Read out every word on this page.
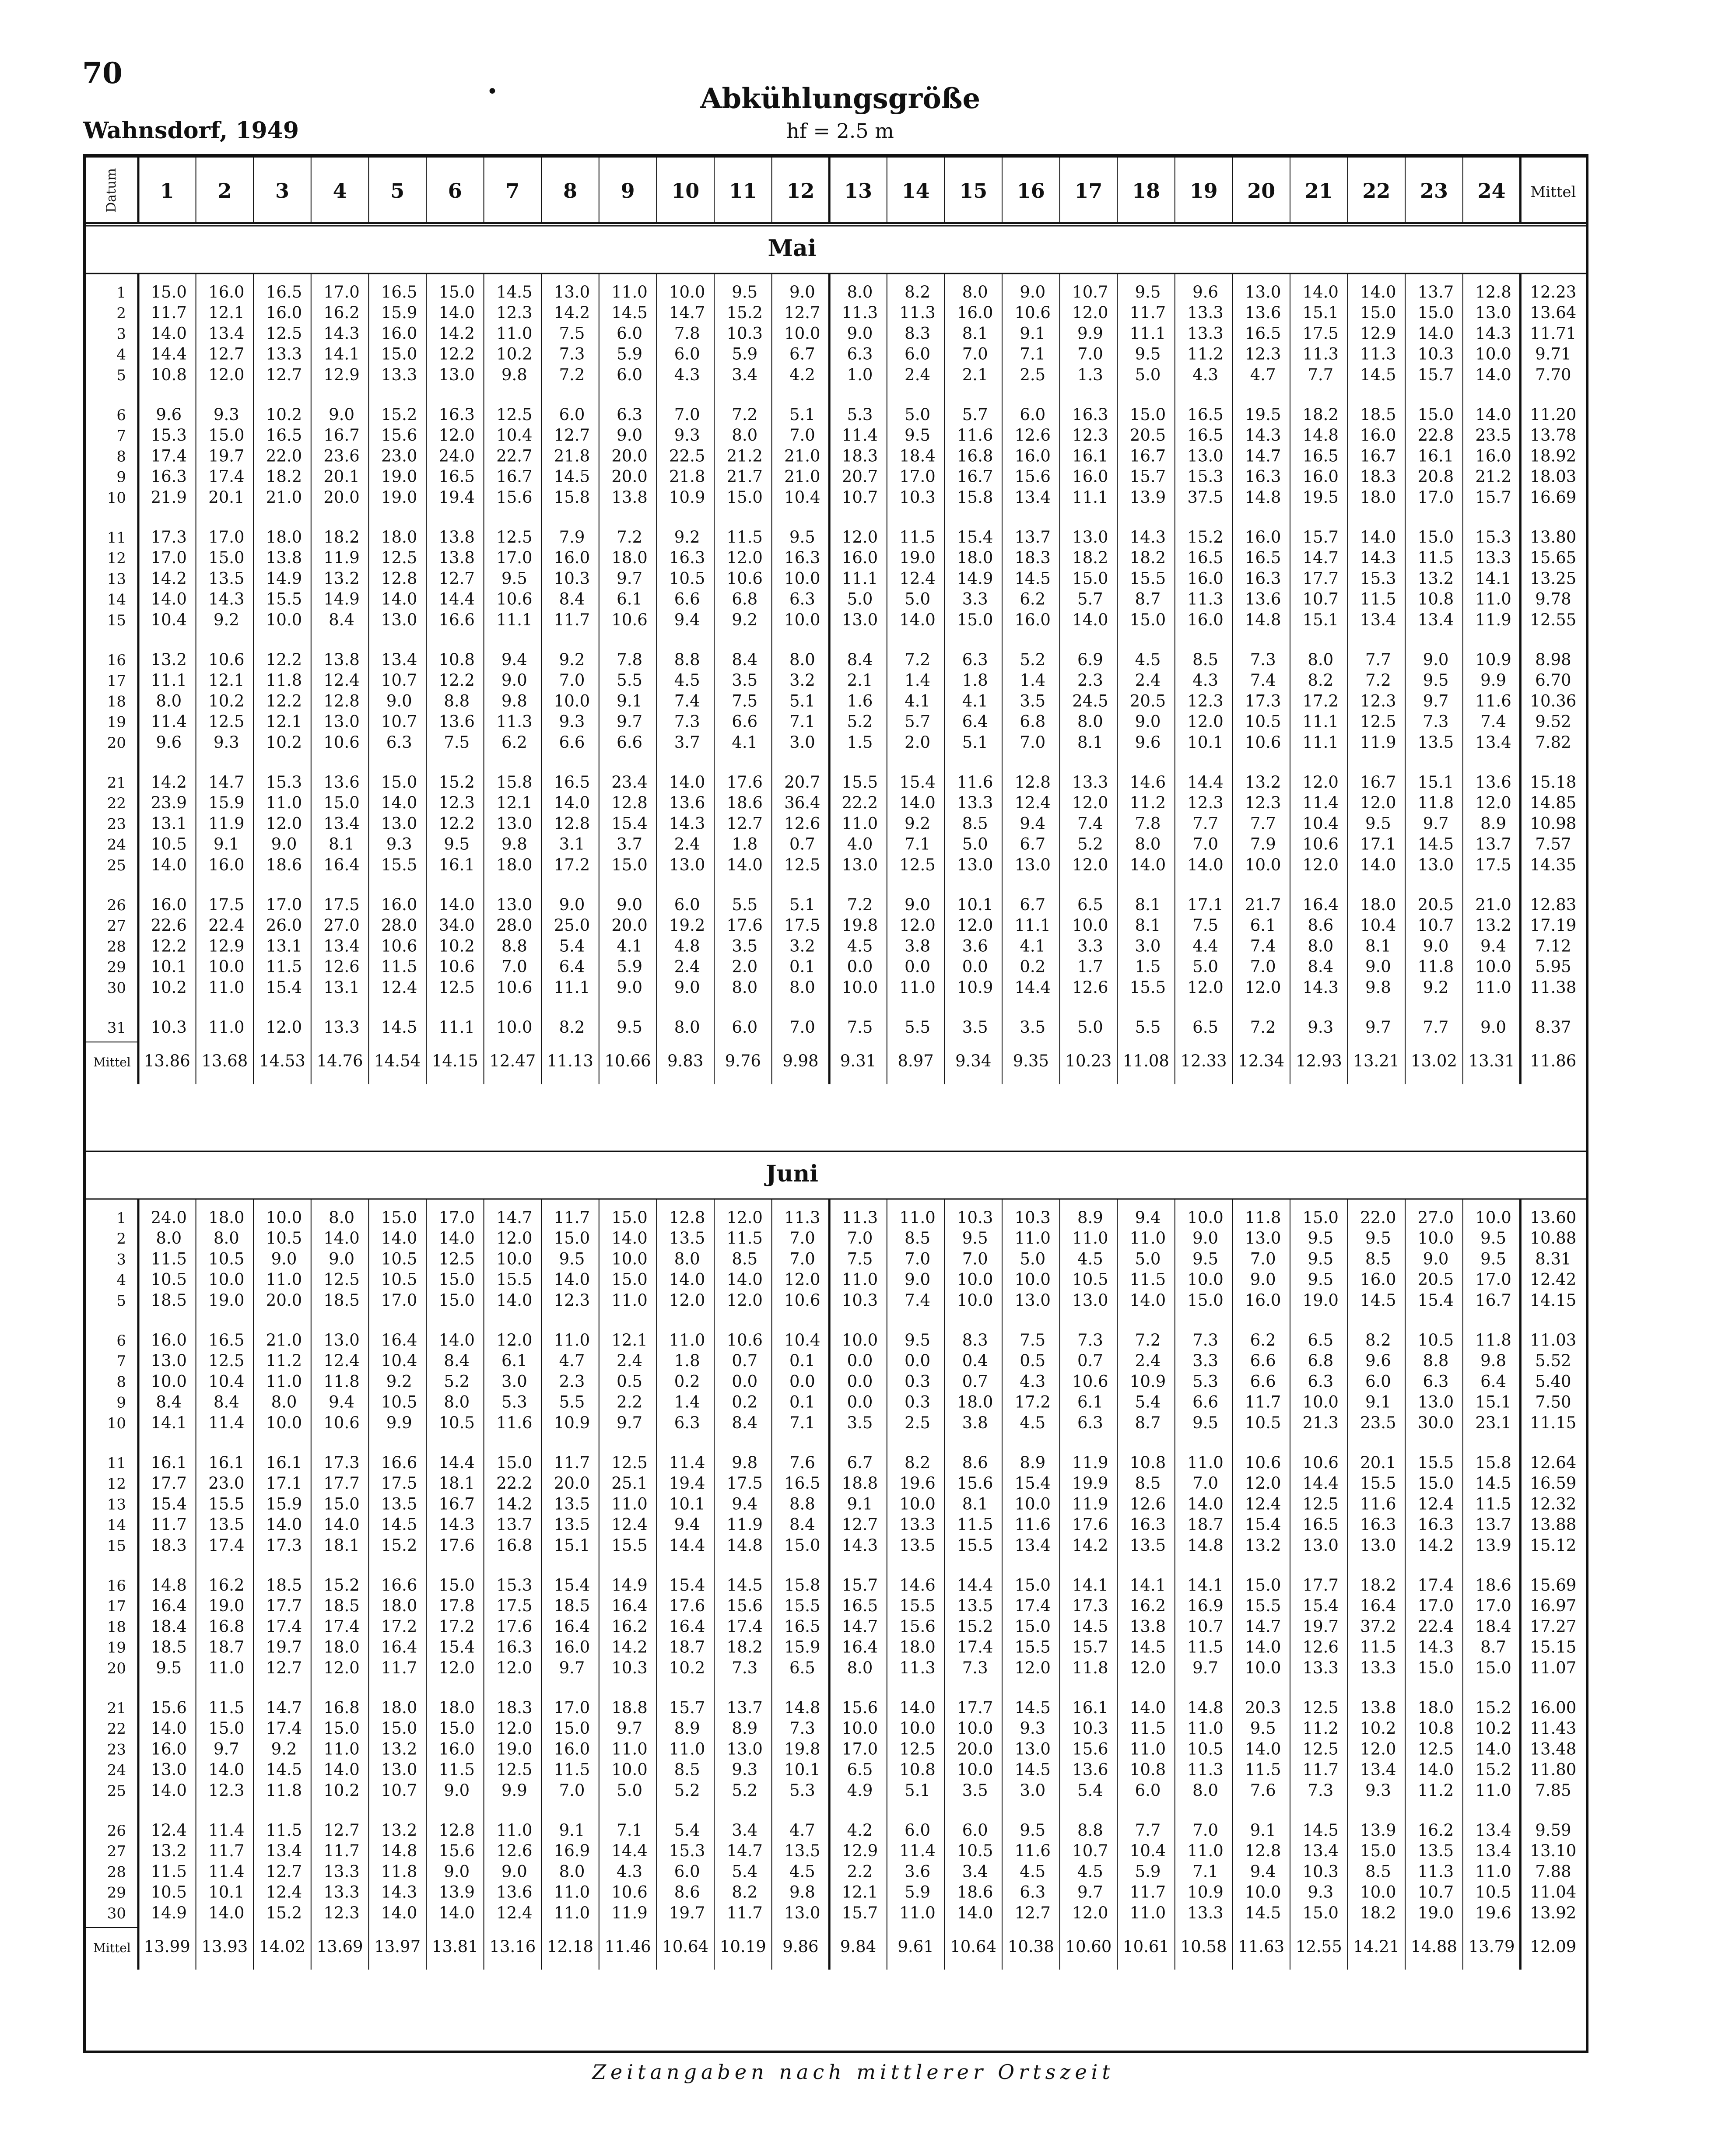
70
Wahnsdorf, 1949
•	Abkühlungsgröße
hf = 2.5 m
Datum 1 2 3 4 5 6 7 8 9 10 11 12 13 14 15 16 17 18 19 20 21 22 23 24 Mittel
Mai
1 15.0 16.0 16.5 17.0 16.5 15.0 14.5 13.0 11.0 10.0 9.5 9.0 8.0 8.2 8.0 9.0 10.7 9.5 9.6 13.0 14.0 14.0 13.7 12.8 12.23
2 11.7 12.1 16.0 16.2 15.9 14.0 12.3 14.2 14.5 14.7 15.2 12.7 11.3 11.3 16.0 10.6 12.0 11.7 13.3 13.6 15.1 15.0 15.0 13.0 13.64
3 14.0 13.4 12.5 14.3 16.0 14.2 11.0 7.5 6.0 7.8 10.3 10.0 9.0 8.3 8.1 9.1 9.9 11.1 13.3 16.5 17.5 12.9 14.0 14.3 11.71
4 14.4 12.7 13.3 14.1 15.0 12.2 10.2 7.3 5.9 6.0 5.9 6.7 6.3 6.0 7.0 7.1 7.0 9.5 11.2 12.3 11.3 11.3 10.3 10.0 9.71
5 10.8 12.0 12.7 12.9 13.3 13.0 9.8 7.2 6.0 4.3 3.4 4.2 1.0 2.4 2.1 2.5 1.3 5.0 4.3 4.7 7.7 14.5 15.7 14.0 7.70
6 9.6 9.3 10.2 9.0 15.2 16.3 12.5 6.0 6.3 7.0 7.2 5.1 5.3 5.0 5.7 6.0 16.3 15.0 16.5 19.5 18.2 18.5 15.0 14.0 11.20
7 15.3 15.0 16.5 16.7 15.6 12.0 10.4 12.7 9.0 9.3 8.0 7.0 11.4 9.5 11.6 12.6 12.3 20.5 16.5 14.3 14.8 16.0 22.8 23.5 13.78
8 17.4 19.7 22.0 23.6 23.0 24.0 22.7 21.8 20.0 22.5 21.2 21.0 18.3 18.4 16.8 16.0 16.1 16.7 13.0 14.7 16.5 16.7 16.1 16.0 18.92
9 16.3 17.4 18.2 20.1 19.0 16.5 16.7 14.5 20.0 21.8 21.7 21.0 20.7 17.0 16.7 15.6 16.0 15.7 15.3 16.3 16.0 18.3 20.8 21.2 18.03
10 21.9 20.1 21.0 20.0 19.0 19.4 15.6 15.8 13.8 10.9 15.0 10.4 10.7 10.3 15.8 13.4 11.1 13.9 37.5 14.8 19.5 18.0 17.0 15.7 16.69
11 17.3 17.0 18.0 18.2 18.0 13.8 12.5 7.9 7.2 9.2 11.5 9.5 12.0 11.5 15.4 13.7 13.0 14.3 15.2 16.0 15.7 14.0 15.0 15.3 13.80
12 17.0 15.0 13.8 11.9 12.5 13.8 17.0 16.0 18.0 16.3 12.0 16.3 16.0 19.0 18.0 18.3 18.2 18.2 16.5 16.5 14.7 14.3 11.5 13.3 15.65
13 14.2 13.5 14.9 13.2 12.8 12.7 9.5 10.3 9.7 10.5 10.6 10.0 11.1 12.4 14.9 14.5 15.0 15.5 16.0 16.3 17.7 15.3 13.2 14.1 13.25
14 14.0 14.3 15.5 14.9 14.0 14.4 10.6 8.4 6.1 6.6 6.8 6.3 5.0 5.0 3.3 6.2 5.7 8.7 11.3 13.6 10.7 11.5 10.8 11.0 9.78
15 10.4 9.2 10.0 8.4 13.0 16.6 11.1 11.7 10.6 9.4 9.2 10.0 13.0 14.0 15.0 16.0 14.0 15.0 16.0 14.8 15.1 13.4 13.4 11.9 12.55
16 13.2 10.6 12.2 13.8 13.4 10.8 9.4 9.2 7.8 8.8 8.4 8.0 8.4 7.2 6.3 5.2 6.9 4.5 8.5 7.3 8.0 7.7 9.0 10.9 8.98
17 11.1 12.1 11.8 12.4 10.7 12.2 9.0 7.0 5.5 4.5 3.5 3.2 2.1 1.4 1.8 1.4 2.3 2.4 4.3 7.4 8.2 7.2 9.5 9.9 6.70
18 8.0 10.2 12.2 12.8 9.0 8.8 9.8 10.0 9.1 7.4 7.5 5.1 1.6 4.1 4.1 3.5 24.5 20.5 12.3 17.3 17.2 12.3 9.7 11.6 10.36
19 11.4 12.5 12.1 13.0 10.7 13.6 11.3 9.3 9.7 7.3 6.6 7.1 5.2 5.7 6.4 6.8 8.0 9.0 12.0 10.5 11.1 12.5 7.3 7.4 9.52
20 9.6 9.3 10.2 10.6 6.3 7.5 6.2 6.6 6.6 3.7 4.1 3.0 1.5 2.0 5.1 7.0 8.1 9.6 10.1 10.6 11.1 11.9 13.5 13.4 7.82
21 14.2 14.7 15.3 13.6 15.0 15.2 15.8 16.5 23.4 14.0 17.6 20.7 15.5 15.4 11.6 12.8 13.3 14.6 14.4 13.2 12.0 16.7 15.1 13.6 15.18
22 23.9 15.9 11.0 15.0 14.0 12.3 12.1 14.0 12.8 13.6 18.6 36.4 22.2 14.0 13.3 12.4 12.0 11.2 12.3 12.3 11.4 12.0 11.8 12.0 14.85
23 13.1 11.9 12.0 13.4 13.0 12.2 13.0 12.8 15.4 14.3 12.7 12.6 11.0 9.2 8.5 9.4 7.4 7.8 7.7 7.7 10.4 9.5 9.7 8.9 10.98
24 10.5 9.1 9.0 8.1 9.3 9.5 9.8 3.1 3.7 2.4 1.8 0.7 4.0 7.1 5.0 6.7 5.2 8.0 7.0 7.9 10.6 17.1 14.5 13.7 7.57
25 14.0 16.0 18.6 16.4 15.5 16.1 18.0 17.2 15.0 13.0 14.0 12.5 13.0 12.5 13.0 13.0 12.0 14.0 14.0 10.0 12.0 14.0 13.0 17.5 14.35
26 16.0 17.5 17.0 17.5 16.0 14.0 13.0 9.0 9.0 6.0 5.5 5.1 7.2 9.0 10.1 6.7 6.5 8.1 17.1 21.7 16.4 18.0 20.5 21.0 12.83
27 22.6 22.4 26.0 27.0 28.0 34.0 28.0 25.0 20.0 19.2 17.6 17.5 19.8 12.0 12.0 11.1 10.0 8.1 7.5 6.1 8.6 10.4 10.7 13.2 17.19
28 12.2 12.9 13.1 13.4 10.6 10.2 8.8 5.4 4.1 4.8 3.5 3.2 4.5 3.8 3.6 4.1 3.3 3.0 4.4 7.4 8.0 8.1 9.0 9.4 7.12
29 10.1 10.0 11.5 12.6 11.5 10.6 7.0 6.4 5.9 2.4 2.0 0.1 0.0 0.0 0.0 0.2 1.7 1.5 5.0 7.0 8.4 9.0 11.8 10.0 5.95
30 10.2 11.0 15.4 13.1 12.4 12.5 10.6 11.1 9.0 9.0 8.0 8.0 10.0 11.0 10.9 14.4 12.6 15.5 12.0 12.0 14.3 9.8 9.2 11.0 11.38
31 10.3 11.0 12.0 13.3 14.5 11.1 10.0 8.2 9.5 8.0 6.0 7.0 7.5 5.5 3.5 3.5 5.0 5.5 6.5 7.2 9.3 9.7 7.7 9.0 8.37
Mittel 13.86 13.68 14.53 14.76 14.54 14.15 12.47 11.13 10.66 9.83 9.76 9.98 9.31 8.97 9.34 9.35 10.23 11.08 12.33 12.34 12.93 13.21 13.02 13.31 11.86
Juni
1 24.0 18.0 10.0 8.0 15.0 17.0 14.7 11.7 15.0 12.8 12.0 11.3 11.3 11.0 10.3 10.3 8.9 9.4 10.0 11.8 15.0 22.0 27.0 10.0 13.60
2 8.0 8.0 10.5 14.0 14.0 14.0 12.0 15.0 14.0 13.5 11.5 7.0 7.0 8.5 9.5 11.0 11.0 11.0 9.0 13.0 9.5 9.5 10.0 9.5 10.88
3 11.5 10.5 9.0 9.0 10.5 12.5 10.0 9.5 10.0 8.0 8.5 7.0 7.5 7.0 7.0 5.0 4.5 5.0 9.5 7.0 9.5 8.5 9.0 9.5 8.31
4 10.5 10.0 11.0 12.5 10.5 15.0 15.5 14.0 15.0 14.0 14.0 12.0 11.0 9.0 10.0 10.0 10.5 11.5 10.0 9.0 9.5 16.0 20.5 17.0 12.42
5 18.5 19.0 20.0 18.5 17.0 15.0 14.0 12.3 11.0 12.0 12.0 10.6 10.3 7.4 10.0 13.0 13.0 14.0 15.0 16.0 19.0 14.5 15.4 16.7 14.15
6 16.0 16.5 21.0 13.0 16.4 14.0 12.0 11.0 12.1 11.0 10.6 10.4 10.0 9.5 8.3 7.5 7.3 7.2 7.3 6.2 6.5 8.2 10.5 11.8 11.03
7 13.0 12.5 11.2 12.4 10.4 8.4 6.1 4.7 2.4 1.8 0.7 0.1 0.0 0.0 0.4 0.5 0.7 2.4 3.3 6.6 6.8 9.6 8.8 9.8 5.52
8 10.0 10.4 11.0 11.8 9.2 5.2 3.0 2.3 0.5 0.2 0.0 0.0 0.0 0.3 0.7 4.3 10.6 10.9 5.3 6.6 6.3 6.0 6.3 6.4 5.40
9 8.4 8.4 8.0 9.4 10.5 8.0 5.3 5.5 2.2 1.4 0.2 0.1 0.0 0.3 18.0 17.2 6.1 5.4 6.6 11.7 10.0 9.1 13.0 15.1 7.50
10 14.1 11.4 10.0 10.6 9.9 10.5 11.6 10.9 9.7 6.3 8.4 7.1 3.5 2.5 3.8 4.5 6.3 8.7 9.5 10.5 21.3 23.5 30.0 23.1 11.15
11 16.1 16.1 16.1 17.3 16.6 14.4 15.0 11.7 12.5 11.4 9.8 7.6 6.7 8.2 8.6 8.9 11.9 10.8 11.0 10.6 10.6 20.1 15.5 15.8 12.64
12 17.7 23.0 17.1 17.7 17.5 18.1 22.2 20.0 25.1 19.4 17.5 16.5 18.8 19.6 15.6 15.4 19.9 8.5 7.0 12.0 14.4 15.5 15.0 14.5 16.59
13 15.4 15.5 15.9 15.0 13.5 16.7 14.2 13.5 11.0 10.1 9.4 8.8 9.1 10.0 8.1 10.0 11.9 12.6 14.0 12.4 12.5 11.6 12.4 11.5 12.32
14 11.7 13.5 14.0 14.0 14.5 14.3 13.7 13.5 12.4 9.4 11.9 8.4 12.7 13.3 11.5 11.6 17.6 16.3 18.7 15.4 16.5 16.3 16.3 13.7 13.88
15 18.3 17.4 17.3 18.1 15.2 17.6 16.8 15.1 15.5 14.4 14.8 15.0 14.3 13.5 15.5 13.4 14.2 13.5 14.8 13.2 13.0 13.0 14.2 13.9 15.12
16 14.8 16.2 18.5 15.2 16.6 15.0 15.3 15.4 14.9 15.4 14.5 15.8 15.7 14.6 14.4 15.0 14.1 14.1 14.1 15.0 17.7 18.2 17.4 18.6 15.69
17 16.4 19.0 17.7 18.5 18.0 17.8 17.5 18.5 16.4 17.6 15.6 15.5 16.5 15.5 13.5 17.4 17.3 16.2 16.9 15.5 15.4 16.4 17.0 17.0 16.97
18 18.4 16.8 17.4 17.4 17.2 17.2 17.6 16.4 16.2 16.4 17.4 16.5 14.7 15.6 15.2 15.0 14.5 13.8 10.7 14.7 19.7 37.2 22.4 18.4 17.27
19 18.5 18.7 19.7 18.0 16.4 15.4 16.3 16.0 14.2 18.7 18.2 15.9 16.4 18.0 17.4 15.5 15.7 14.5 11.5 14.0 12.6 11.5 14.3 8.7 15.15
20 9.5 11.0 12.7 12.0 11.7 12.0 12.0 9.7 10.3 10.2 7.3 6.5 8.0 11.3 7.3 12.0 11.8 12.0 9.7 10.0 13.3 13.3 15.0 15.0 11.07
21 15.6 11.5 14.7 16.8 18.0 18.0 18.3 17.0 18.8 15.7 13.7 14.8 15.6 14.0 17.7 14.5 16.1 14.0 14.8 20.3 12.5 13.8 18.0 15.2 16.00
22 14.0 15.0 17.4 15.0 15.0 15.0 12.0 15.0 9.7 8.9 8.9 7.3 10.0 10.0 10.0 9.3 10.3 11.5 11.0 9.5 11.2 10.2 10.8 10.2 11.43
23 16.0 9.7 9.2 11.0 13.2 16.0 19.0 16.0 11.0 11.0 13.0 19.8 17.0 12.5 20.0 13.0 15.6 11.0 10.5 14.0 12.5 12.0 12.5 14.0 13.48
24 13.0 14.0 14.5 14.0 13.0 11.5 12.5 11.5 10.0 8.5 9.3 10.1 6.5 10.8 10.0 14.5 13.6 10.8 11.3 11.5 11.7 13.4 14.0 15.2 11.80
25 14.0 12.3 11.8 10.2 10.7 9.0 9.9 7.0 5.0 5.2 5.2 5.3 4.9 5.1 3.5 3.0 5.4 6.0 8.0 7.6 7.3 9.3 11.2 11.0 7.85
26 12.4 11.4 11.5 12.7 13.2 12.8 11.0 9.1 7.1 5.4 3.4 4.7 4.2 6.0 6.0 9.5 8.8 7.7 7.0 9.1 14.5 13.9 16.2 13.4 9.59
27 13.2 11.7 13.4 11.7 14.8 15.6 12.6 16.9 14.4 15.3 14.7 13.5 12.9 11.4 10.5 11.6 10.7 10.4 11.0 12.8 13.4 15.0 13.5 13.4 13.10
28 11.5 11.4 12.7 13.3 11.8 9.0 9.0 8.0 4.3 6.0 5.4 4.5 2.2 3.6 3.4 4.5 4.5 5.9 7.1 9.4 10.3 8.5 11.3 11.0 7.88
29 10.5 10.1 12.4 13.3 14.3 13.9 13.6 11.0 10.6 8.6 8.2 9.8 12.1 5.9 18.6 6.3 9.7 11.7 10.9 10.0 9.3 10.0 10.7 10.5 11.04
30 14.9 14.0 15.2 12.3 14.0 14.0 12.4 11.0 11.9 19.7 11.7 13.0 15.7 11.0 14.0 12.7 12.0 11.0 13.3 14.5 15.0 18.2 19.0 19.6 13.92
Mittel 13.99 13.93 14.02 13.69 13.97 13.81 13.16 12.18 11.46 10.64 10.19 9.86 9.84 9.61 10.64 10.38 10.60 10.61 10.58 11.63 12.55 14.21 14.88 13.79 12.09
Zeitangaben nach mittlerer Ortszeit
